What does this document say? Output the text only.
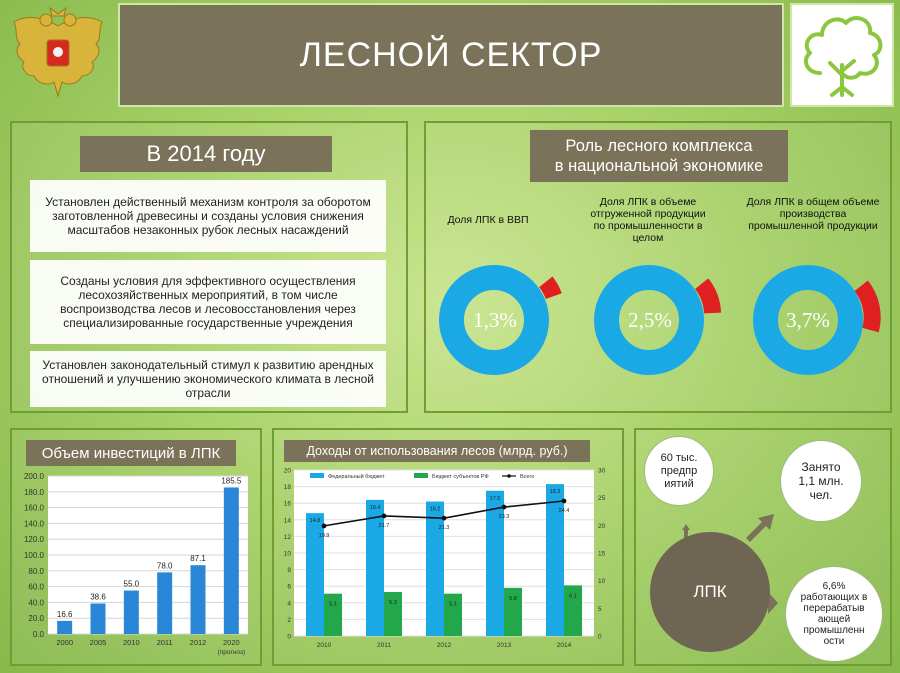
ЛЕСНОЙ СЕКТОР
В 2014 году
Установлен действенный механизм контроля за оборотом заготовленной древесины и созданы условия снижения масштабов незаконных рубок лесных насаждений
Созданы условия для эффективного осуществления лесохозяйственных мероприятий, в том числе воспроизводства лесов и лесовосстановления через специализированные государственные учреждения
Установлен законодательный стимул к развитию арендных отношений и улучшению экономического климата в лесной отрасли
Роль лесного комплекса
в национальной экономике
Доля ЛПК в ВВП
Доля ЛПК в объеме отгруженной продукции по промышленности в целом
Доля ЛПК в общем объеме производства промышленной продукции
1,3%	2,5%	3,7%
Объем инвестиций в ЛПК
0.0
20.0
40.0
60.0
80.0
100.0
120.0
140.0
160.0
180.0
200.0
16.6
2000
38.6
2005
55.0
2010
78.0
2011
87.1
2012
185.5
2020
(прогноз)
Доходы от использования лесов (млрд. руб.)
0
2
4
6
8
10
12
14
16
18
20
0
5
10
15
20
25
30
Федеральный бюджет	Бюджет субъектов РФ	Всего
14.8
5.1
2010
16.4
5.3
2011
16.2
5.1
2012
17.5
5.8
2013
18.3
6.1
2014
19.9
21.7	21.3
23.3
24.4
ЛПК
60 тыс. предпр иятий
Занято 1,1 млн. чел.
6,6% работающих в перерабатыв ающей промышленн ости
